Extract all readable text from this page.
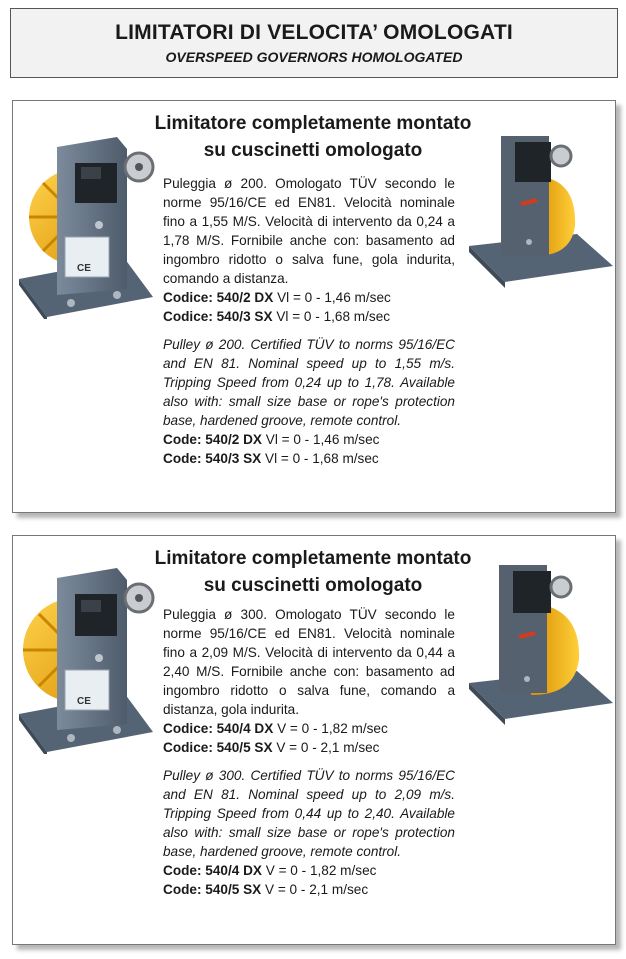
LIMITATORI DI VELOCITA’ OMOLOGATI
OVERSPEED GOVERNORS HOMOLOGATED
Limitatore completamente montato
su cuscinetti omologato
CE

Puleggia ø 200. Omologato TÜV secondo le norme 95/16/CE ed EN81. Velocità nominale fino a 1,55 M/S. Velocità di intervento da 0,24 a 1,78 M/S. Fornibile anche con: basamento ad ingombro ridotto o salva fune, gola indurita, comando a distanza.

Codice: 540/2 DX Vl = 0 - 1,46 m/sec
Codice: 540/3 SX Vl = 0 - 1,68 m/sec

Pulley ø 200. Certified TÜV to norms 95/16/EC and EN 81. Nominal speed up to 1,55 m/s. Tripping Speed from 0,24 up to 1,78. Available also with: small size base or rope's protection base, hardened groove, remote control.

Code: 540/2 DX Vl = 0 - 1,46 m/sec
Code: 540/3 SX Vl = 0 - 1,68 m/sec
Limitatore completamente montato
su cuscinetti omologato
CE

Puleggia ø 300. Omologato TÜV secondo le norme 95/16/CE ed EN81. Velocità nominale fino a 2,09 M/S. Velocità di intervento da 0,44 a 2,40 M/S. Fornibile anche con: basamento ad ingombro ridotto o salva fune, comando a distanza, gola indurita.

Codice: 540/4 DX V = 0 - 1,82 m/sec
Codice: 540/5 SX V = 0 - 2,1 m/sec

Pulley ø 300. Certified TÜV to norms 95/16/EC and EN 81. Nominal speed up to 2,09 m/s. Tripping Speed from 0,44 up to 2,40. Available also with: small size base or rope's protection base, hardened groove, remote control.

Code: 540/4 DX V = 0 - 1,82 m/sec
Code: 540/5 SX V = 0 - 2,1 m/sec
